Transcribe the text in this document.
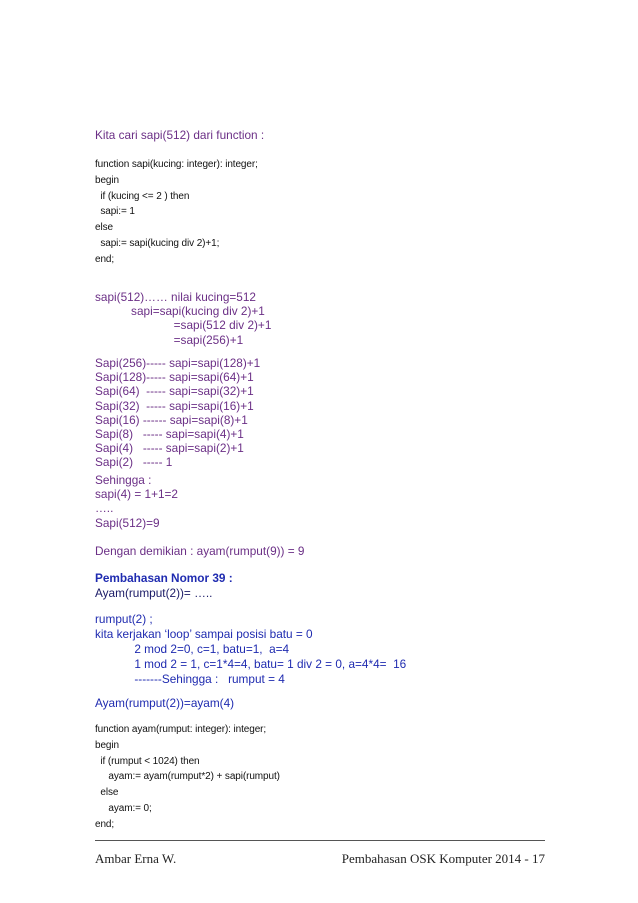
Kita cari sapi(512) dari function :
function sapi(kucing: integer): integer;
begin
if (kucing <= 2 ) then
sapi:= 1
else
sapi:= sapi(kucing div 2)+1;
end;
sapi(512)…… nilai kucing=512
sapi=sapi(kucing div 2)+1
=sapi(512 div 2)+1
=sapi(256)+1
Sapi(256)----- sapi=sapi(128)+1
Sapi(128)----- sapi=sapi(64)+1
Sapi(64)  ----- sapi=sapi(32)+1
Sapi(32)  ----- sapi=sapi(16)+1
Sapi(16) ------ sapi=sapi(8)+1
Sapi(8)   ----- sapi=sapi(4)+1
Sapi(4)   ----- sapi=sapi(2)+1
Sapi(2)   ----- 1
Sehingga :
sapi(4) = 1+1=2
…..
Sapi(512)=9
Dengan demikian : ayam(rumput(9)) = 9
Pembahasan Nomor 39 :
Ayam(rumput(2))= …..
rumput(2) ;
kita kerjakan ‘loop’ sampai posisi batu = 0
2 mod 2=0, c=1, batu=1,  a=4
1 mod 2 = 1, c=1*4=4, batu= 1 div 2 = 0, a=4*4=  16
-------Sehingga :   rumput = 4
Ayam(rumput(2))=ayam(4)
function ayam(rumput: integer): integer;
begin
if (rumput < 1024) then
ayam:= ayam(rumput*2) + sapi(rumput)
else
ayam:= 0;
end;
Ambar Erna W.	Pembahasan OSK Komputer 2014 - 17
